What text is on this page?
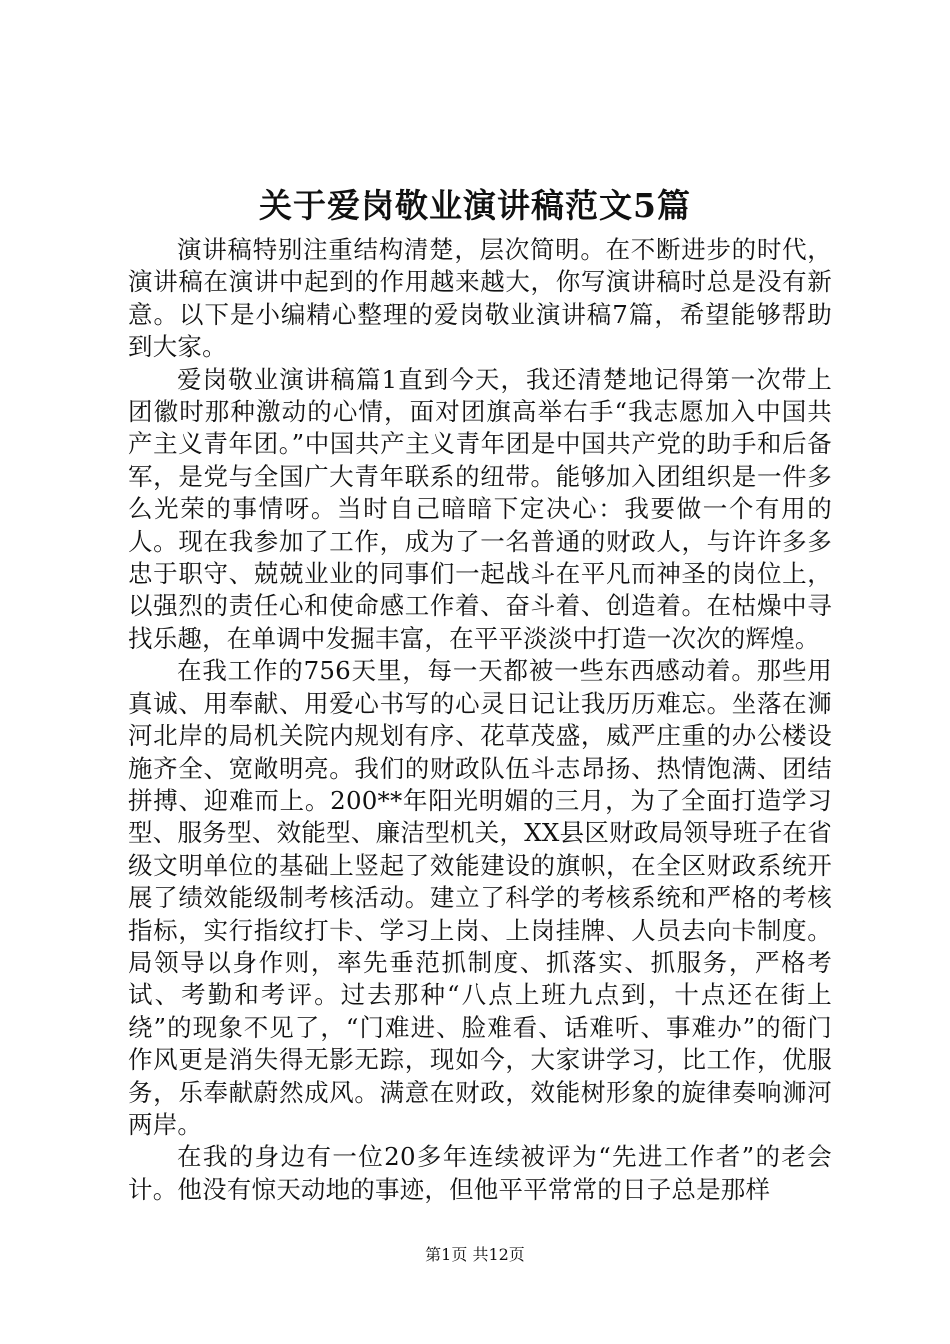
关于爱岗敬业演讲稿范文5篇

演讲稿特别注重结构清楚，层次简明。在不断进步的时代，演讲稿在演讲中起到的作用越来越大，你写演讲稿时总是没有新意。以下是小编精心整理的爱岗敬业演讲稿7篇，希望能够帮助到大家。

爱岗敬业演讲稿篇1直到今天，我还清楚地记得第一次带上团徽时那种激动的心情，面对团旗高举右手“我志愿加入中国共产主义青年团。”中国共产主义青年团是中国共产党的助手和后备军，是党与全国广大青年联系的纽带。能够加入团组织是一件多么光荣的事情呀。当时自己暗暗下定决心：我要做一个有用的人。现在我参加了工作，成为了一名普通的财政人，与许许多多忠于职守、兢兢业业的同事们一起战斗在平凡而神圣的岗位上，以强烈的责任心和使命感工作着、奋斗着、创造着。在枯燥中寻找乐趣，在单调中发掘丰富，在平平淡淡中打造一次次的辉煌。

在我工作的756天里，每一天都被一些东西感动着。那些用真诚、用奉献、用爱心书写的心灵日记让我历历难忘。坐落在浉河北岸的局机关院内规划有序、花草茂盛，威严庄重的办公楼设施齐全、宽敞明亮。我们的财政队伍斗志昂扬、热情饱满、团结拼搏、迎难而上。200**年阳光明媚的三月，为了全面打造学习型、服务型、效能型、廉洁型机关，XX县区财政局领导班子在省级文明单位的基础上竖起了效能建设的旗帜，在全区财政系统开展了绩效能级制考核活动。建立了科学的考核系统和严格的考核指标，实行指纹打卡、学习上岗、上岗挂牌、人员去向卡制度。局领导以身作则，率先垂范抓制度、抓落实、抓服务，严格考试、考勤和考评。过去那种“八点上班九点到，十点还在街上绕”的现象不见了，“门难进、脸难看、话难听、事难办”的衙门作风更是消失得无影无踪，现如今，大家讲学习，比工作，优服务，乐奉献蔚然成风。满意在财政，效能树形象的旋律奏响浉河两岸。

在我的身边有一位20多年连续被评为“先进工作者”的老会计。他没有惊天动地的事迹，但他平平常常的日子总是那样

第1页 共12页
